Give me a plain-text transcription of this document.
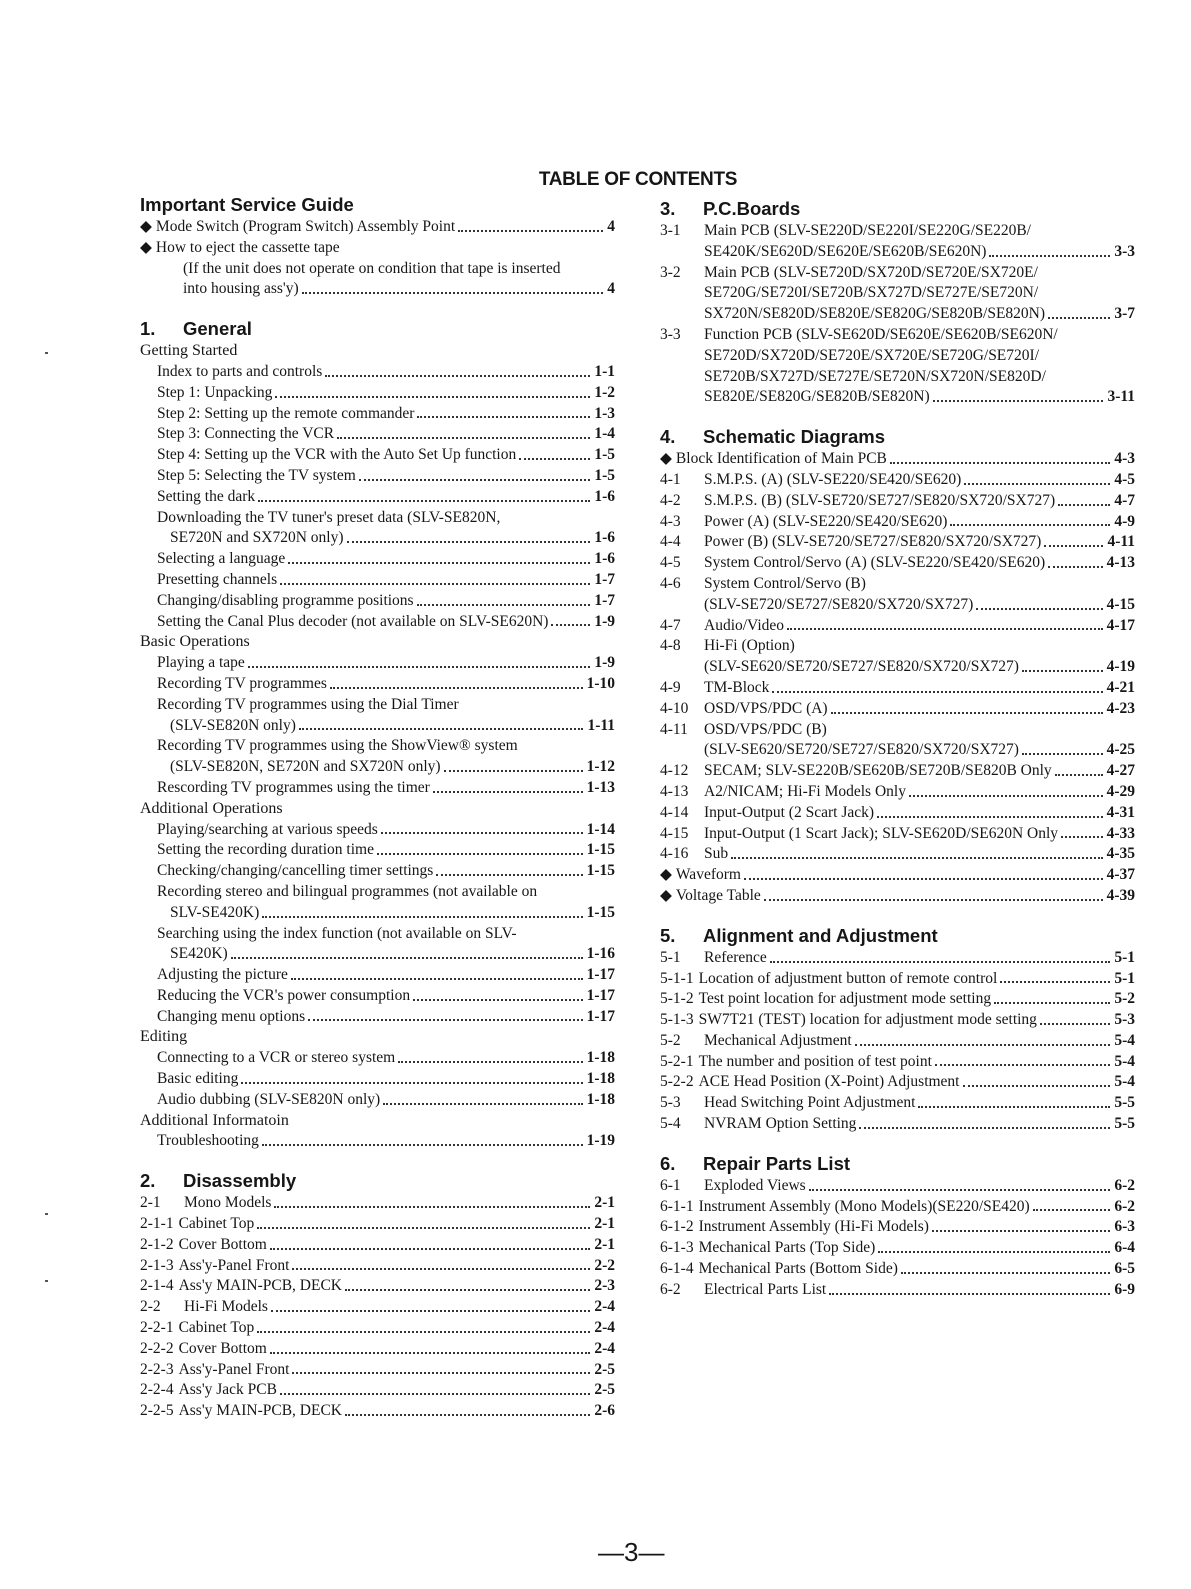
TABLE OF CONTENTS
Important Service Guide
◆ Mode Switch (Program Switch) Assembly Point	4
◆ How to eject the cassette tape
(If the unit does not operate on condition that tape is inserted
into housing ass'y)	4
1.	General
Getting Started
Index to parts and controls	1-1
Step 1: Unpacking	1-2
Step 2: Setting up the remote commander	1-3
Step 3: Connecting the VCR	1-4
Step 4: Setting up the VCR with the Auto Set Up function	1-5
Step 5: Selecting the TV system	1-5
Setting the dark	1-6
Downloading the TV tuner's preset data (SLV-SE820N,
SE720N and SX720N only)	1-6
Selecting a language	1-6
Presetting channels	1-7
Changing/disabling programme positions	1-7
Setting the Canal Plus decoder (not available on SLV-SE620N)	1-9
Basic Operations
Playing a tape	1-9
Recording TV programmes	1-10
Recording TV programmes using the Dial Timer
(SLV-SE820N only)	1-11
Recording TV programmes using the ShowView® system
(SLV-SE820N, SE720N and SX720N only)	1-12
Rescording TV programmes using the timer	1-13
Additional Operations
Playing/searching at various speeds	1-14
Setting the recording duration time	1-15
Checking/changing/cancelling timer settings	1-15
Recording stereo and bilingual programmes (not available on
SLV-SE420K)	1-15
Searching using the index function (not available on SLV-
SE420K)	1-16
Adjusting the picture	1-17
Reducing the VCR's power consumption	1-17
Changing menu options	1-17
Editing
Connecting to a VCR or stereo system	1-18
Basic editing	1-18
Audio dubbing (SLV-SE820N only)	1-18
Additional Informatoin
Troubleshooting	1-19
2.	Disassembly
2-1	Mono Models	2-1
2-1-1 Cabinet Top	2-1
2-1-2 Cover Bottom	2-1
2-1-3 Ass'y-Panel Front	2-2
2-1-4 Ass'y MAIN-PCB, DECK	2-3
2-2	Hi-Fi Models	2-4
2-2-1 Cabinet Top	2-4
2-2-2 Cover Bottom	2-4
2-2-3 Ass'y-Panel Front	2-5
2-2-4 Ass'y Jack PCB	2-5
2-2-5 Ass'y MAIN-PCB, DECK	2-6
3.	P.C.Boards
3-1	Main PCB (SLV-SE220D/SE220I/SE220G/SE220B/
SE420K/SE620D/SE620E/SE620B/SE620N)	3-3
3-2	Main PCB (SLV-SE720D/SX720D/SE720E/SX720E/
SE720G/SE720I/SE720B/SX727D/SE727E/SE720N/
SX720N/SE820D/SE820E/SE820G/SE820B/SE820N)	3-7
3-3	Function PCB (SLV-SE620D/SE620E/SE620B/SE620N/
SE720D/SX720D/SE720E/SX720E/SE720G/SE720I/
SE720B/SX727D/SE727E/SE720N/SX720N/SE820D/
SE820E/SE820G/SE820B/SE820N)	3-11
4.	Schematic Diagrams
◆ Block Identification of Main PCB	4-3
4-1	S.M.P.S. (A) (SLV-SE220/SE420/SE620)	4-5
4-2	S.M.P.S. (B) (SLV-SE720/SE727/SE820/SX720/SX727)	4-7
4-3	Power (A) (SLV-SE220/SE420/SE620)	4-9
4-4	Power (B) (SLV-SE720/SE727/SE820/SX720/SX727)	4-11
4-5	System Control/Servo (A) (SLV-SE220/SE420/SE620)	4-13
4-6	System Control/Servo (B)
(SLV-SE720/SE727/SE820/SX720/SX727)	4-15
4-7	Audio/Video	4-17
4-8	Hi-Fi (Option)
(SLV-SE620/SE720/SE727/SE820/SX720/SX727)	4-19
4-9	TM-Block	4-21
4-10	OSD/VPS/PDC (A)	4-23
4-11	OSD/VPS/PDC (B)
(SLV-SE620/SE720/SE727/SE820/SX720/SX727)	4-25
4-12	SECAM; SLV-SE220B/SE620B/SE720B/SE820B Only	4-27
4-13	A2/NICAM; Hi-Fi Models Only	4-29
4-14	Input-Output (2 Scart Jack)	4-31
4-15	Input-Output (1 Scart Jack); SLV-SE620D/SE620N Only	4-33
4-16	Sub	4-35
◆ Waveform	4-37
◆ Voltage Table	4-39
5.	Alignment and Adjustment
5-1	Reference	5-1
5-1-1 Location of adjustment button of remote control	5-1
5-1-2 Test point location for adjustment mode setting	5-2
5-1-3 SW7T21 (TEST) location for adjustment mode setting	5-3
5-2	Mechanical Adjustment	5-4
5-2-1 The number and position of test point	5-4
5-2-2 ACE Head Position (X-Point) Adjustment	5-4
5-3	Head Switching Point Adjustment	5-5
5-4	NVRAM Option Setting	5-5
6.	Repair Parts List
6-1	Exploded Views	6-2
6-1-1 Instrument Assembly (Mono Models)(SE220/SE420)	6-2
6-1-2 Instrument Assembly (Hi-Fi Models)	6-3
6-1-3 Mechanical Parts (Top Side)	6-4
6-1-4 Mechanical Parts (Bottom Side)	6-5
6-2	Electrical Parts List	6-9
—3—
